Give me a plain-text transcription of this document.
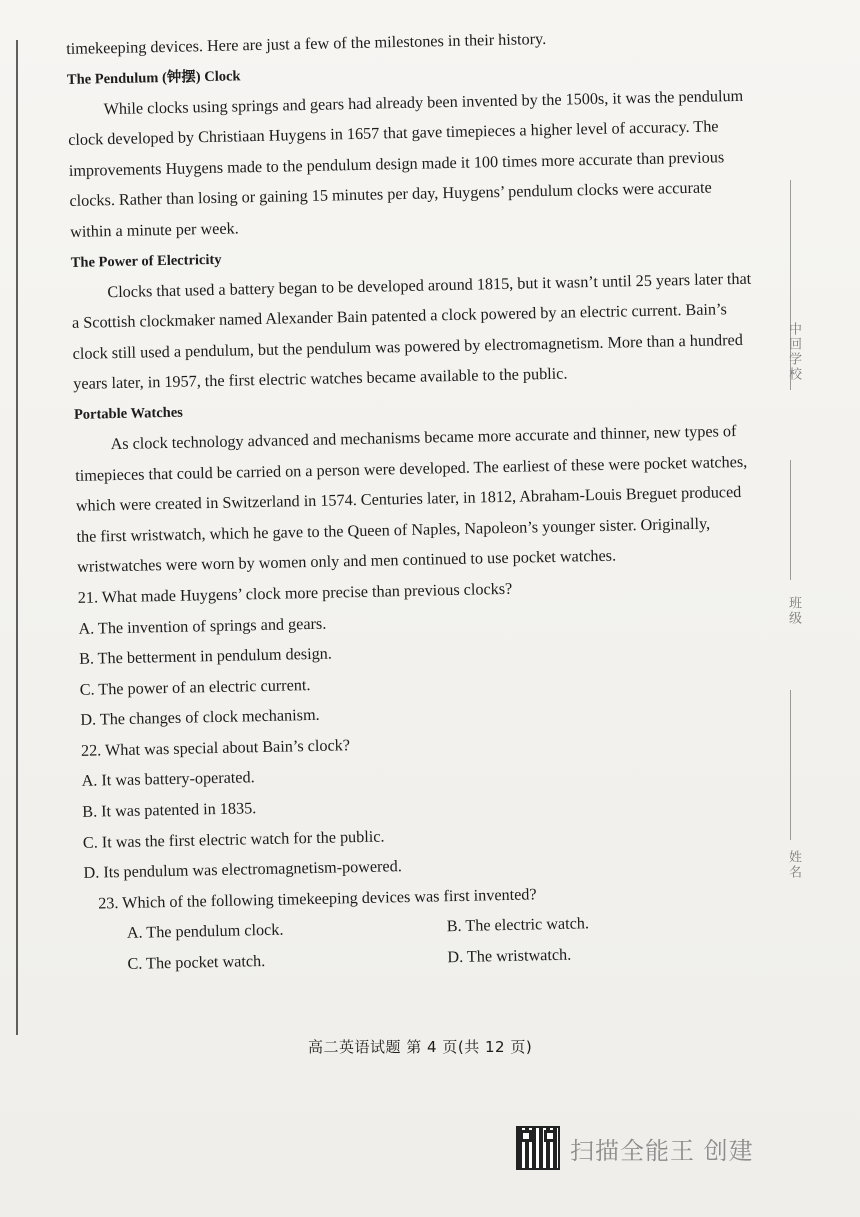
中回学校
班级
姓名

timekeeping devices. Here are just a few of the milestones in their history.

The Pendulum (钟摆) Clock

While clocks using springs and gears had already been invented by the 1500s, it was the pendulum clock developed by Christiaan Huygens in 1657 that gave timepieces a higher level of accuracy. The improvements Huygens made to the pendulum design made it 100 times more accurate than previous clocks. Rather than losing or gaining 15 minutes per day, Huygens’ pendulum clocks were accurate within a minute per week.

The Power of Electricity

Clocks that used a battery began to be developed around 1815, but it wasn’t until 25 years later that a Scottish clockmaker named Alexander Bain patented a clock powered by an electric current. Bain’s clock still used a pendulum, but the pendulum was powered by electromagnetism. More than a hundred years later, in 1957, the first electric watches became available to the public.

Portable Watches

As clock technology advanced and mechanisms became more accurate and thinner, new types of timepieces that could be carried on a person were developed. The earliest of these were pocket watches, which were created in Switzerland in 1574. Centuries later, in 1812, Abraham-Louis Breguet produced the first wristwatch, which he gave to the Queen of Naples, Napoleon’s younger sister. Originally, wristwatches were worn by women only and men continued to use pocket watches.

21. What made Huygens’ clock more precise than previous clocks?

A. The invention of springs and gears.

B. The betterment in pendulum design.

C. The power of an electric current.

D. The changes of clock mechanism.

22. What was special about Bain’s clock?

A. It was battery-operated.

B. It was patented in 1835.

C. It was the first electric watch for the public.

D. Its pendulum was electromagnetism-powered.

23. Which of the following timekeeping devices was first invented?

A. The pendulum clock.	B. The electric watch.
C. The pocket watch.	D. The wristwatch.
高二英语试题 第 4 页(共 12 页)
扫描全能王 创建
